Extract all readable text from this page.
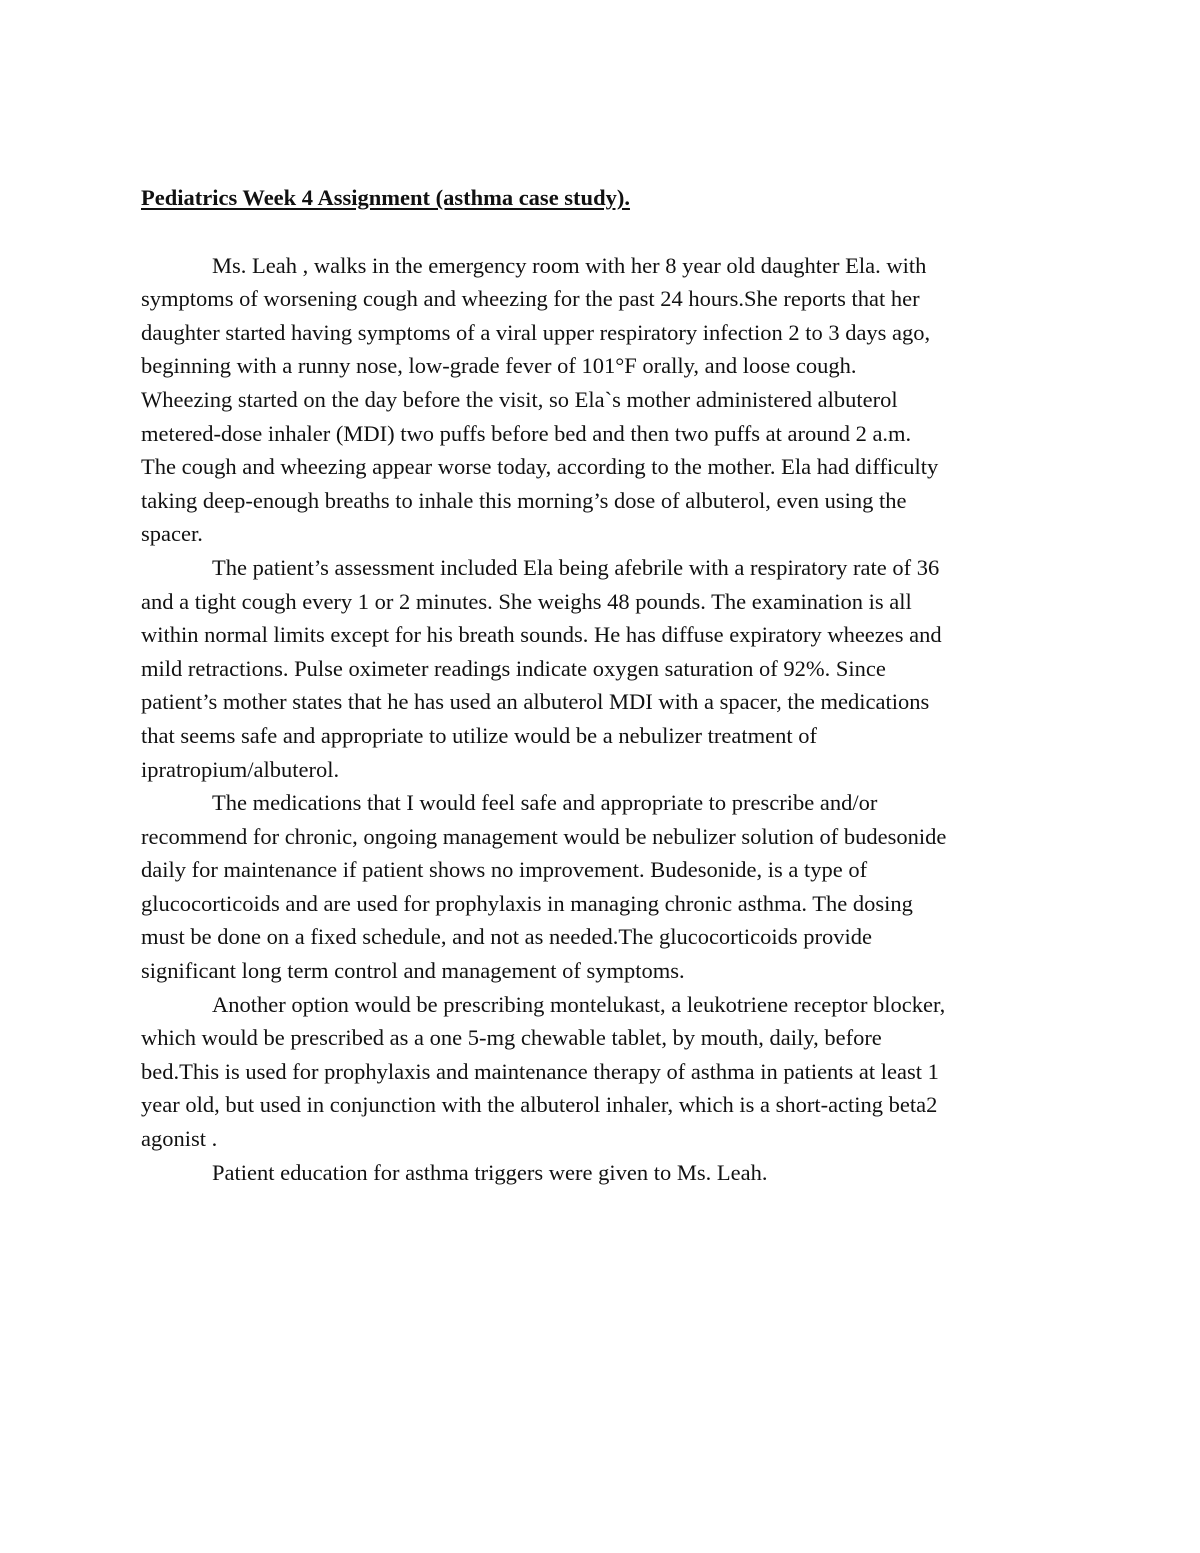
Pediatrics Week 4 Assignment (asthma case study).

Ms. Leah , walks in the emergency room with her 8 year old daughter Ela. with
symptoms of worsening cough and wheezing for the past 24 hours.She reports that her
daughter started having symptoms of a viral upper respiratory infection 2 to 3 days ago,
beginning with a runny nose, low-grade fever of 101°F orally, and loose cough.
Wheezing started on the day before the visit, so Ela`s mother administered albuterol
metered-dose inhaler (MDI) two puffs before bed and then two puffs at around 2 a.m.
The cough and wheezing appear worse today, according to the mother. Ela had difficulty
taking deep-enough breaths to inhale this morning’s dose of albuterol, even using the
spacer.

The patient’s assessment included Ela being afebrile with a respiratory rate of 36
and a tight cough every 1 or 2 minutes. She weighs 48 pounds. The examination is all
within normal limits except for his breath sounds. He has diffuse expiratory wheezes and
mild retractions. Pulse oximeter readings indicate oxygen saturation of 92%. Since
patient’s mother states that he has used an albuterol MDI with a spacer, the medications
that seems safe and appropriate to utilize would be a nebulizer treatment of
ipratropium/albuterol.

The medications that I would feel safe and appropriate to prescribe and/or
recommend for chronic, ongoing management would be nebulizer solution of budesonide
daily for maintenance if patient shows no improvement. Budesonide, is a type of
glucocorticoids and are used for prophylaxis in managing chronic asthma. The dosing
must be done on a fixed schedule, and not as needed.The glucocorticoids provide
significant long term control and management of symptoms.

Another option would be prescribing montelukast, a leukotriene receptor blocker,
which would be prescribed as a one 5-mg chewable tablet, by mouth, daily, before
bed.This is used for prophylaxis and maintenance therapy of asthma in patients at least 1
year old, but used in conjunction with the albuterol inhaler, which is a short-acting beta2
agonist .

Patient education for asthma triggers were given to Ms. Leah.
